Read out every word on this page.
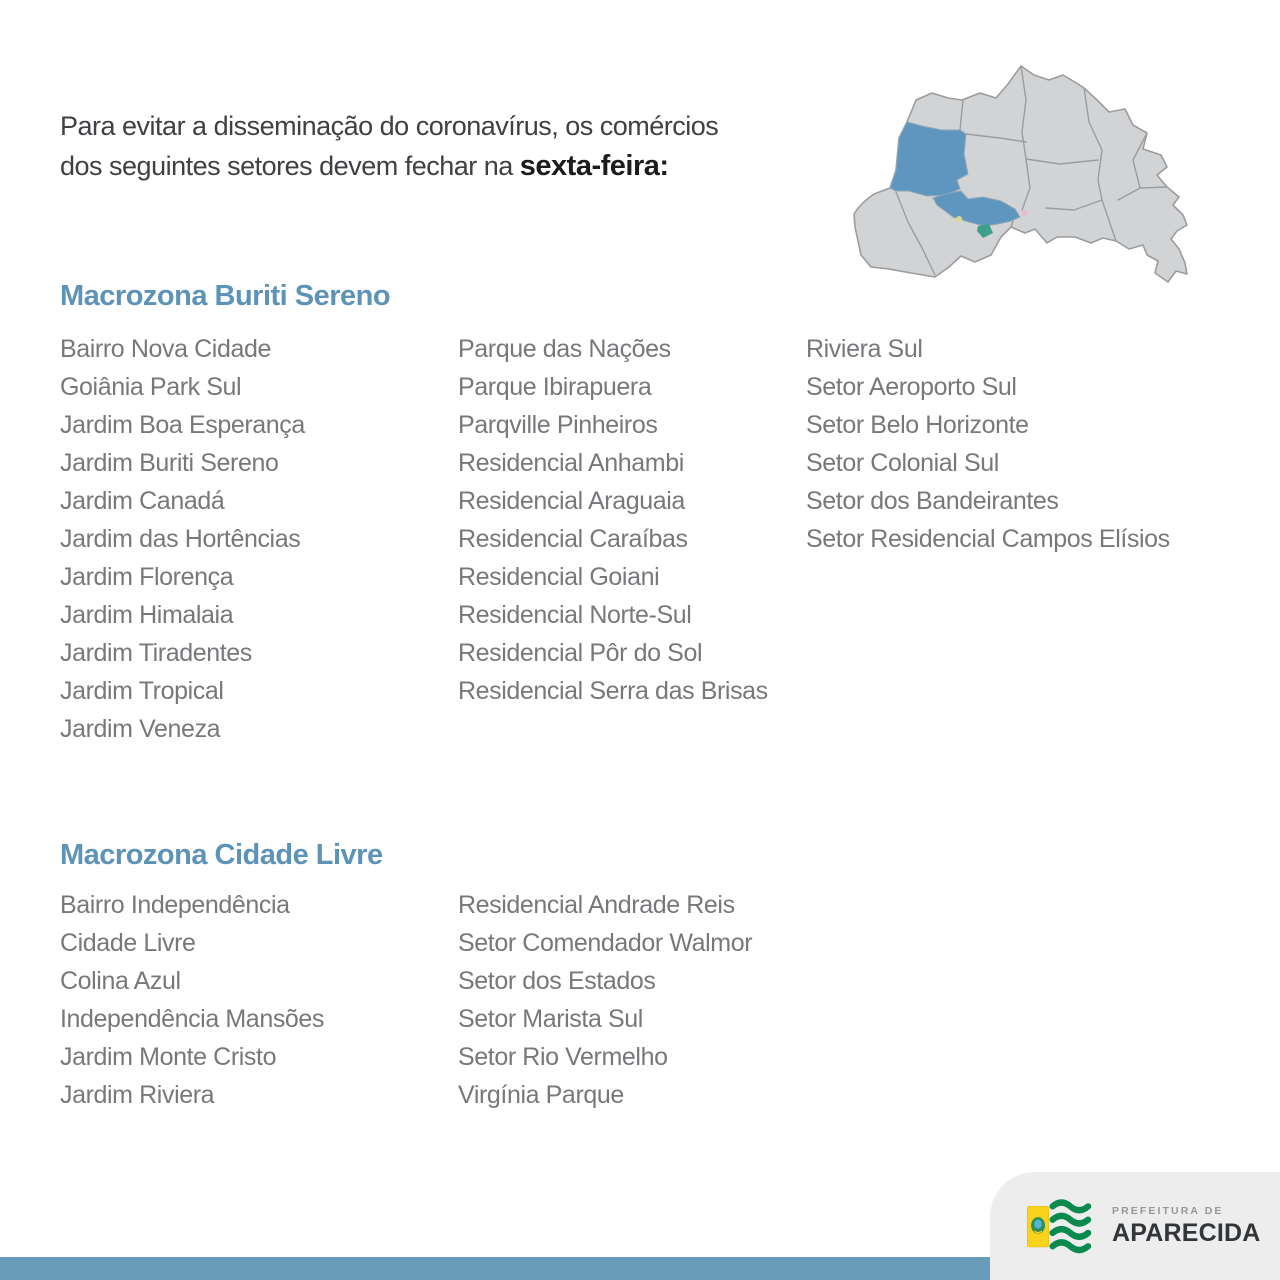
Para evitar a disseminação do coronavírus, os comércios
dos seguintes setores devem fechar na sexta-feira:
Macrozona Buriti Sereno
Bairro Nova Cidade
Goiânia Park Sul
Jardim Boa Esperança
Jardim Buriti Sereno
Jardim Canadá
Jardim das Hortências
Jardim Florença
Jardim Himalaia
Jardim Tiradentes
Jardim Tropical
Jardim Veneza
Parque das Nações
Parque Ibirapuera
Parqville Pinheiros
Residencial Anhambi
Residencial Araguaia
Residencial Caraíbas
Residencial Goiani
Residencial Norte-Sul
Residencial Pôr do Sol
Residencial Serra das Brisas
Riviera Sul
Setor Aeroporto Sul
Setor Belo Horizonte
Setor Colonial Sul
Setor dos Bandeirantes
Setor Residencial Campos Elísios
Macrozona Cidade Livre
Bairro Independência
Cidade Livre
Colina Azul
Independência Mansões
Jardim Monte Cristo
Jardim Riviera
Residencial Andrade Reis
Setor Comendador Walmor
Setor dos Estados
Setor Marista Sul
Setor Rio Vermelho
Virgínia Parque
PREFEITURA DE
APARECIDA
